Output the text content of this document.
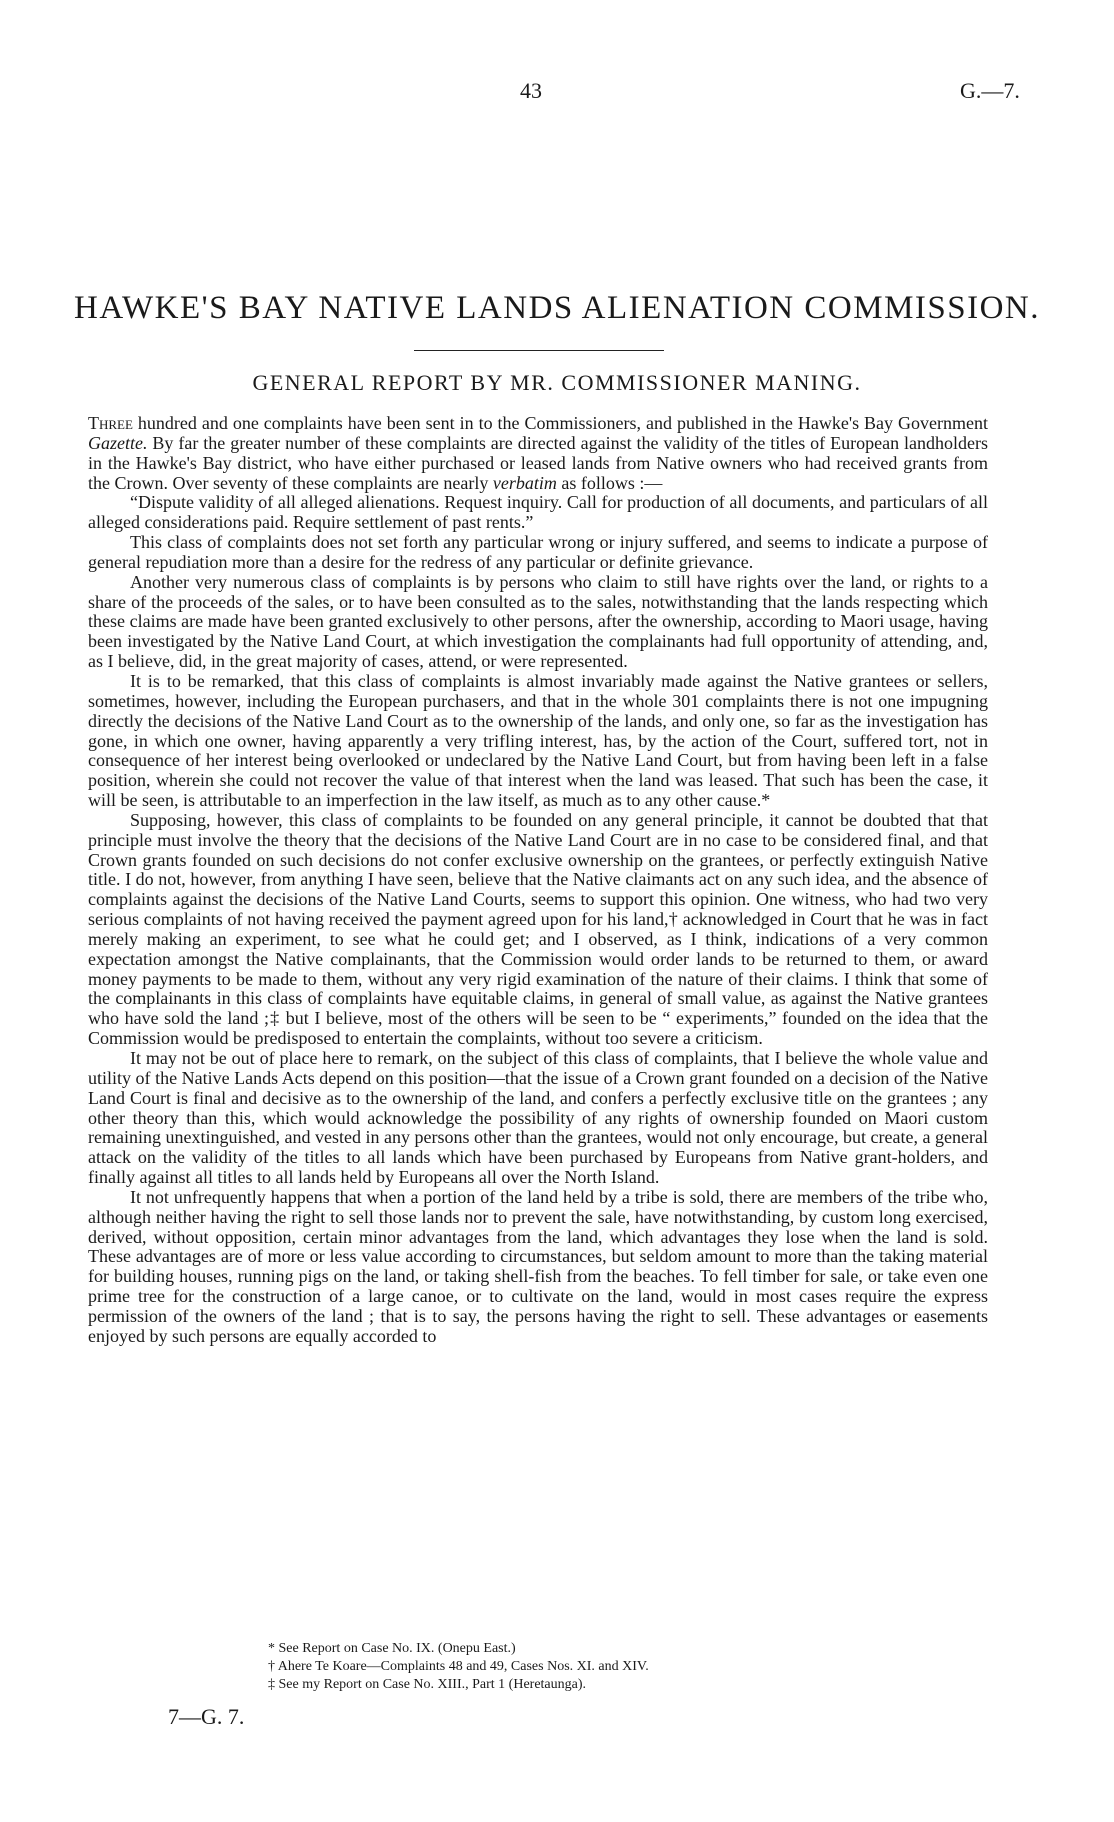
43	G.—7.
HAWKE'S BAY NATIVE LANDS ALIENATION COMMISSION.
GENERAL REPORT BY MR. COMMISSIONER MANING.

Three hundred and one complaints have been sent in to the Commissioners, and published in the Hawke's Bay Government Gazette. By far the greater number of these complaints are directed against the validity of the titles of European landholders in the Hawke's Bay district, who have either purchased or leased lands from Native owners who had received grants from the Crown. Over seventy of these complaints are nearly verbatim as follows :—

“Dispute validity of all alleged alienations. Request inquiry. Call for production of all documents, and particulars of all alleged considerations paid. Require settlement of past rents.”

This class of complaints does not set forth any particular wrong or injury suffered, and seems to indicate a purpose of general repudiation more than a desire for the redress of any particular or definite grievance.

Another very numerous class of complaints is by persons who claim to still have rights over the land, or rights to a share of the proceeds of the sales, or to have been consulted as to the sales, notwithstanding that the lands respecting which these claims are made have been granted exclusively to other persons, after the ownership, according to Maori usage, having been investigated by the Native Land Court, at which investigation the complainants had full opportunity of attending, and, as I believe, did, in the great majority of cases, attend, or were represented.

It is to be remarked, that this class of complaints is almost invariably made against the Native grantees or sellers, sometimes, however, including the European purchasers, and that in the whole 301 complaints there is not one impugning directly the decisions of the Native Land Court as to the ownership of the lands, and only one, so far as the investigation has gone, in which one owner, having apparently a very trifling interest, has, by the action of the Court, suffered tort, not in consequence of her interest being overlooked or undeclared by the Native Land Court, but from having been left in a false position, wherein she could not recover the value of that interest when the land was leased. That such has been the case, it will be seen, is attributable to an imperfection in the law itself, as much as to any other cause.*

Supposing, however, this class of complaints to be founded on any general principle, it cannot be doubted that that principle must involve the theory that the decisions of the Native Land Court are in no case to be considered final, and that Crown grants founded on such decisions do not confer exclusive ownership on the grantees, or perfectly extinguish Native title. I do not, however, from anything I have seen, believe that the Native claimants act on any such idea, and the absence of complaints against the decisions of the Native Land Courts, seems to support this opinion. One witness, who had two very serious complaints of not having received the payment agreed upon for his land,† acknowledged in Court that he was in fact merely making an experiment, to see what he could get; and I observed, as I think, indications of a very common expectation amongst the Native complainants, that the Commission would order lands to be returned to them, or award money payments to be made to them, without any very rigid examination of the nature of their claims. I think that some of the complainants in this class of complaints have equitable claims, in general of small value, as against the Native grantees who have sold the land ;‡ but I believe, most of the others will be seen to be “ experiments,” founded on the idea that the Commission would be predisposed to entertain the complaints, without too severe a criticism.

It may not be out of place here to remark, on the subject of this class of complaints, that I believe the whole value and utility of the Native Lands Acts depend on this position—that the issue of a Crown grant founded on a decision of the Native Land Court is final and decisive as to the ownership of the land, and confers a perfectly exclusive title on the grantees ; any other theory than this, which would acknowledge the possibility of any rights of ownership founded on Maori custom remaining unextinguished, and vested in any persons other than the grantees, would not only encourage, but create, a general attack on the validity of the titles to all lands which have been purchased by Europeans from Native grant-holders, and finally against all titles to all lands held by Europeans all over the North Island.

It not unfrequently happens that when a portion of the land held by a tribe is sold, there are members of the tribe who, although neither having the right to sell those lands nor to prevent the sale, have notwithstanding, by custom long exercised, derived, without opposition, certain minor advantages from the land, which advantages they lose when the land is sold. These advantages are of more or less value according to circumstances, but seldom amount to more than the taking material for building houses, running pigs on the land, or taking shell-fish from the beaches. To fell timber for sale, or take even one prime tree for the construction of a large canoe, or to cultivate on the land, would in most cases require the express permission of the owners of the land ; that is to say, the persons having the right to sell. These advantages or easements enjoyed by such persons are equally accorded to

* See Report on Case No. IX. (Onepu East.)
† Ahere Te Koare—Complaints 48 and 49, Cases Nos. XI. and XIV.
‡ See my Report on Case No. XIII., Part 1 (Heretaunga).
7—G. 7.
